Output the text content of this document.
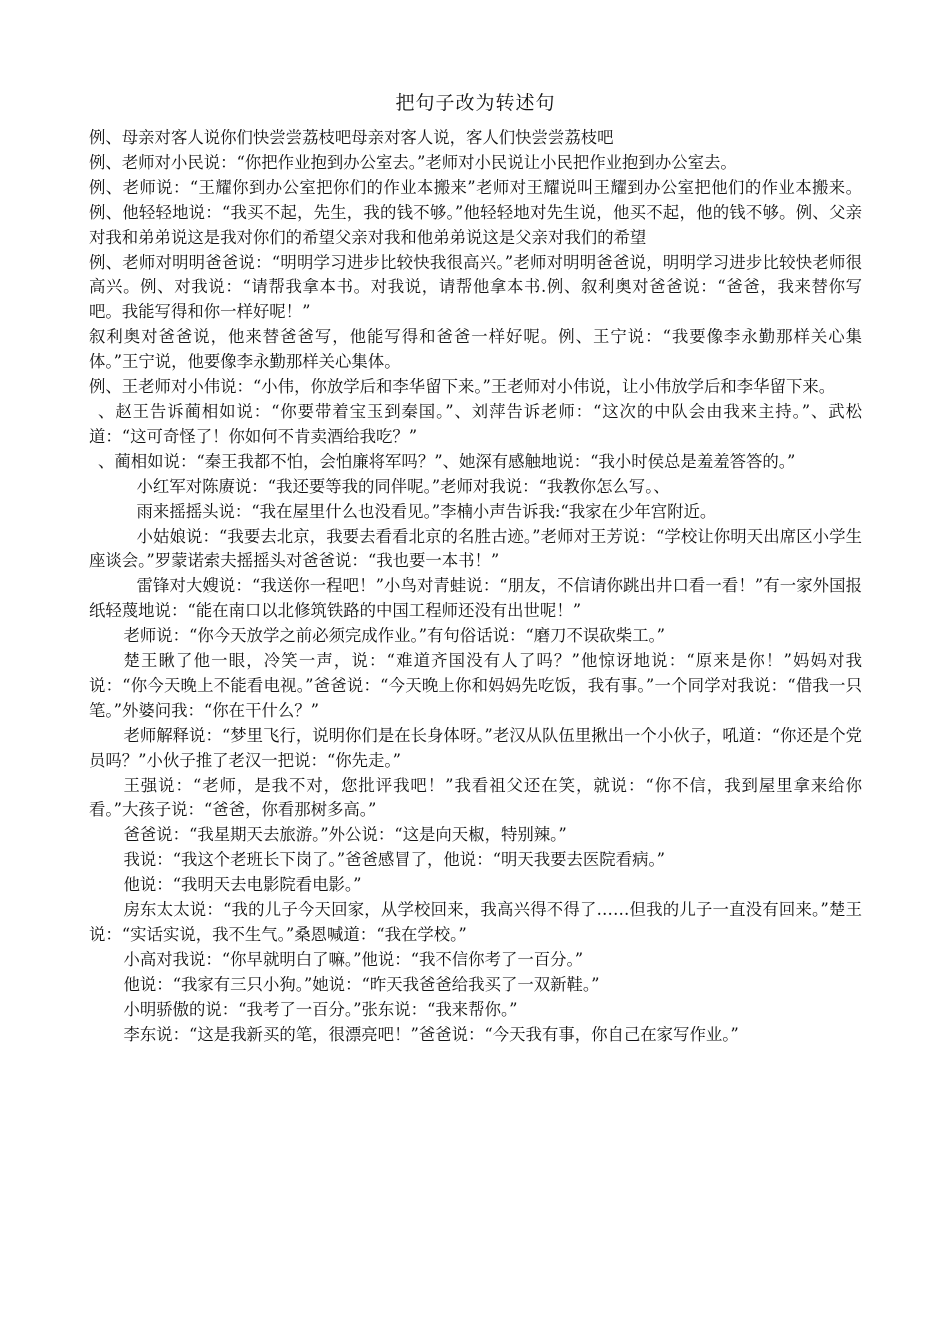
把句子改为转述句

例、母亲对客人说你们快尝尝荔枝吧母亲对客人说，客人们快尝尝荔枝吧

例、老师对小民说：“你把作业抱到办公室去。”老师对小民说让小民把作业抱到办公室去。

例、老师说：“王耀你到办公室把你们的作业本搬来”老师对王耀说叫王耀到办公室把他们的作业本搬来。例、他轻轻地说：“我买不起，先生，我的钱不够。”他轻轻地对先生说，他买不起，他的钱不够。例、父亲对我和弟弟说这是我对你们的希望父亲对我和他弟弟说这是父亲对我们的希望

例、老师对明明爸爸说：“明明学习进步比较快我很高兴。”老师对明明爸爸说，明明学习进步比较快老师很高兴。例、对我说：“请帮我拿本书。对我说，请帮他拿本书.例、叙利奥对爸爸说：“爸爸，我来替你写吧。我能写得和你一样好呢！”

叙利奥对爸爸说，他来替爸爸写，他能写得和爸爸一样好呢。例、王宁说：“我要像李永勤那样关心集体。”王宁说，他要像李永勤那样关心集体。

例、王老师对小伟说：“小伟，你放学后和李华留下来。”王老师对小伟说，让小伟放学后和李华留下来。

、赵王告诉蔺相如说：“你要带着宝玉到秦国。”、刘萍告诉老师：“这次的中队会由我来主持。”、武松道：“这可奇怪了！你如何不肯卖酒给我吃？”

、蔺相如说：“秦王我都不怕，会怕廉将军吗？”、她深有感触地说：“我小时侯总是羞羞答答的。”

小红军对陈赓说：“我还要等我的同伴呢。”老师对我说：“我教你怎么写。、

雨来摇摇头说：“我在屋里什么也没看见。”李楠小声告诉我:“我家在少年宫附近。

小姑娘说：“我要去北京，我要去看看北京的名胜古迹。”老师对王芳说：“学校让你明天出席区小学生座谈会。”罗蒙诺索夫摇摇头对爸爸说：“我也要一本书！”

雷锋对大嫂说：“我送你一程吧！”小鸟对青蛙说：“朋友，不信请你跳出井口看一看！”有一家外国报纸轻蔑地说：“能在南口以北修筑铁路的中国工程师还没有出世呢！”

老师说：“你今天放学之前必须完成作业。”有句俗话说：“磨刀不误砍柴工。”

楚王瞅了他一眼，冷笑一声，说：“难道齐国没有人了吗？”他惊讶地说：“原来是你！”妈妈对我说：“你今天晚上不能看电视。”爸爸说：“今天晚上你和妈妈先吃饭，我有事。”一个同学对我说：“借我一只笔。”外婆问我：“你在干什么？”

老师解释说：“梦里飞行，说明你们是在长身体呀。”老汉从队伍里揪出一个小伙子，吼道：“你还是个党员吗？”小伙子推了老汉一把说：“你先走。”

王强说：“老师，是我不对，您批评我吧！”我看祖父还在笑，就说：“你不信，我到屋里拿来给你看。”大孩子说：“爸爸，你看那树多高。”

爸爸说：“我星期天去旅游。”外公说：“这是向天椒，特别辣。”

我说：“我这个老班长下岗了。”爸爸感冒了，他说：“明天我要去医院看病。”

他说：“我明天去电影院看电影。”

房东太太说：“我的儿子今天回家，从学校回来，我高兴得不得了……但我的儿子一直没有回来。”楚王说：“实话实说，我不生气。”桑恩喊道：“我在学校。”

小高对我说：“你早就明白了嘛。”他说：“我不信你考了一百分。”

他说：“我家有三只小狗。”她说：“昨天我爸爸给我买了一双新鞋。”

小明骄傲的说：“我考了一百分。”张东说：“我来帮你。”

李东说：“这是我新买的笔，很漂亮吧！”爸爸说：“今天我有事，你自己在家写作业。”
